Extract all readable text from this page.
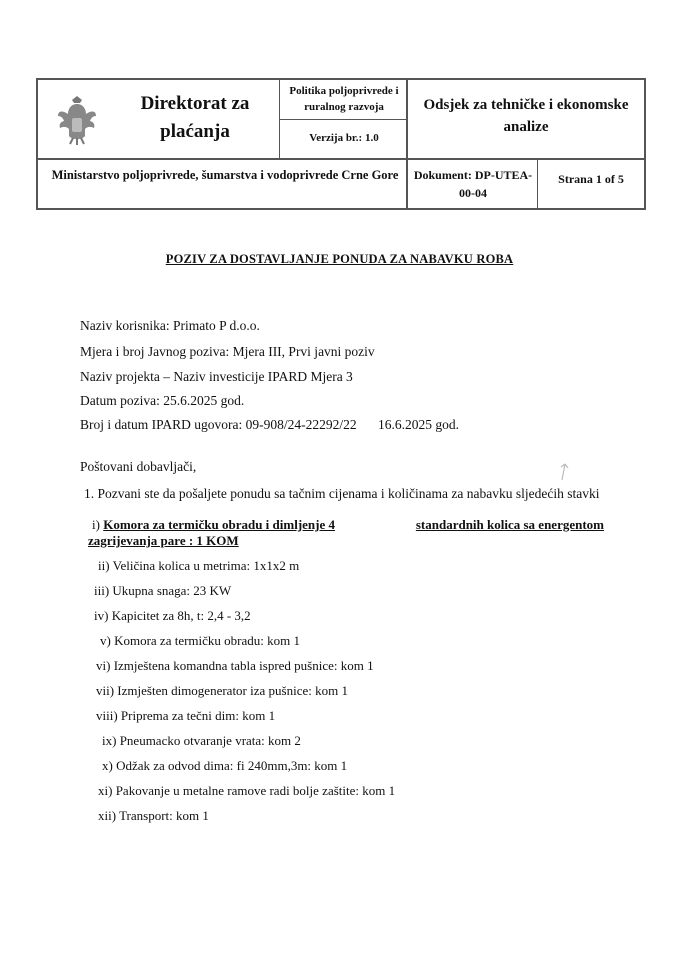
Direktorat za
plaćanja
Politika poljoprivrede i ruralnog razvoja
Verzija br.: 1.0
Odsjek za tehničke i ekonomske analize
Ministarstvo poljoprivrede, šumarstva i vodoprivrede Crne Gore Dokument: DP-UTEA-00-04
Strana 1 of 5
POZIV ZA DOSTAVLJANJE PONUDA ZA NABAVKU ROBA
Naziv korisnika: Primato P d.o.o.
Mjera i broj Javnog poziva: Mjera III, Prvi javni poziv
Naziv projekta – Naziv investicije IPARD Mjera 3
Datum poziva: 25.6.2025 god.
Broj i datum IPARD ugovora: 09-908/24-22292/22 16.6.2025 god.
Poštovani dobavljači,
1. Pozvani ste da pošaljete ponudu sa tačnim cijenama i količinama za nabavku sljedećih stavki
i) Komora za termičku obradu i dimljenje 4	standardnih kolica sa energentom
zagrijevanja pare : 1 KOM
ii) Veličina kolica u metrima: 1x1x2 m
iii) Ukupna snaga: 23 KW
iv) Kapicitet za 8h, t: 2,4 - 3,2
v) Komora za termičku obradu: kom 1
vi) Izmještena komandna tabla ispred pušnice: kom 1
vii) Izmješten dimogenerator iza pušnice: kom 1
viii) Priprema za tečni dim: kom 1
ix) Pneumacko otvaranje vrata: kom 2
x) Odžak za odvod dima: fi 240mm,3m: kom 1
xi) Pakovanje u metalne ramove radi bolje zaštite: kom 1
xii) Transport: kom 1
